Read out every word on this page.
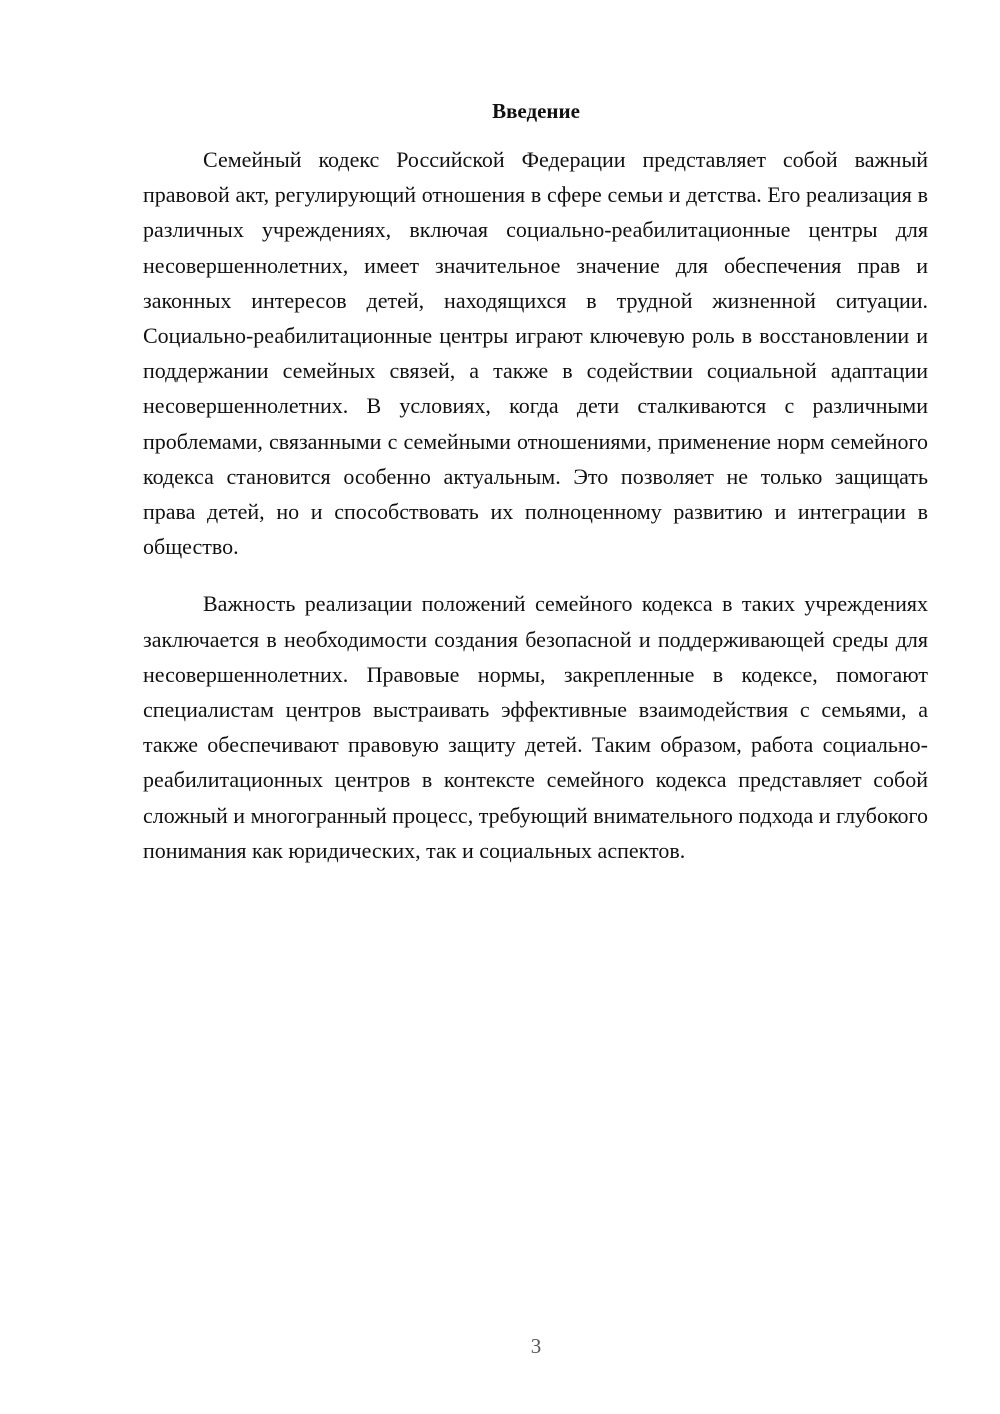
Введение

Семейный кодекс Российской Федерации представляет собой важный правовой акт, регулирующий отношения в сфере семьи и детства. Его реализация в различных учреждениях, включая социально-реабилитационные центры для несовершеннолетних, имеет значительное значение для обеспечения прав и законных интересов детей, находящихся в трудной жизненной ситуации. Социально-реабилитационные центры играют ключевую роль в восстановлении и поддержании семейных связей, а также в содействии социальной адаптации несовершеннолетних. В условиях, когда дети сталкиваются с различными проблемами, связанными с семейными отношениями, применение норм семейного кодекса становится особенно актуальным. Это позволяет не только защищать права детей, но и способствовать их полноценному развитию и интеграции в общество.

Важность реализации положений семейного кодекса в таких учреждениях заключается в необходимости создания безопасной и поддерживающей среды для несовершеннолетних. Правовые нормы, закрепленные в кодексе, помогают специалистам центров выстраивать эффективные взаимодействия с семьями, а также обеспечивают правовую защиту детей. Таким образом, работа социально-реабилитационных центров в контексте семейного кодекса представляет собой сложный и многогранный процесс, требующий внимательного подхода и глубокого понимания как юридических, так и социальных аспектов.

3
